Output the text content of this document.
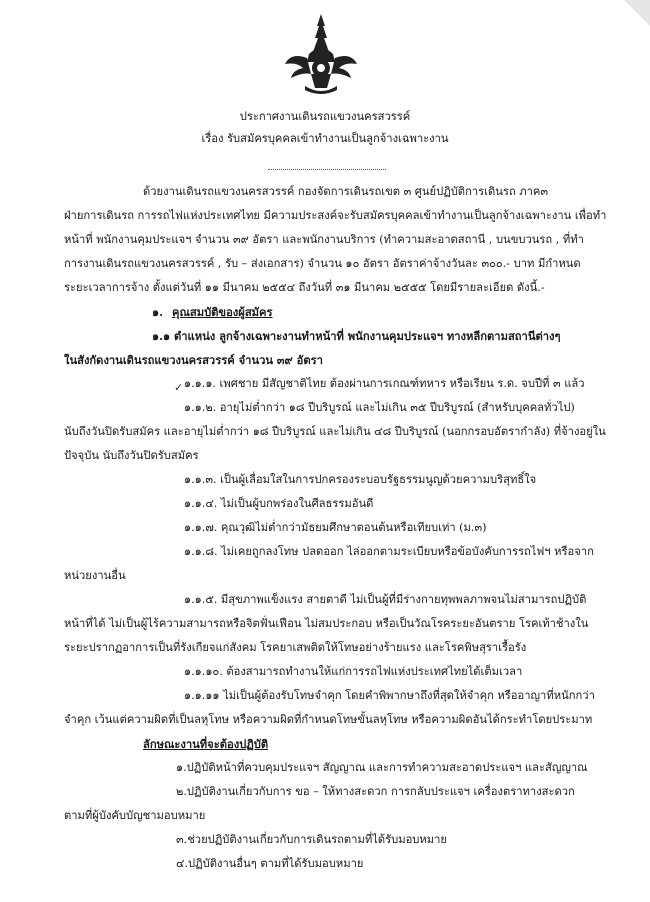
ประกาศงานเดินรถแขวงนครสวรรค์
เรื่อง รับสมัครบุคคลเข้าทำงานเป็นลูกจ้างเฉพาะงาน
ด้วยงานเดินรถแขวงนครสวรรค์ กองจัดการเดินรถเขต ๓ ศูนย์ปฏิบัติการเดินรถ ภาค๓
ฝ่ายการเดินรถ การรถไฟแห่งประเทศไทย มีความประสงค์จะรับสมัครบุคคลเข้าทำงานเป็นลูกจ้างเฉพาะงาน เพื่อทำ
หน้าที่ พนักงานคุมประแจฯ จำนวน ๓๙ อัตรา และพนักงานบริการ (ทำความสะอาดสถานี , บนขบวนรถ , ที่ทำ
การงานเดินรถแขวงนครสวรรค์ , รับ – ส่งเอกสาร) จำนวน ๑๐ อัตรา อัตราค่าจ้างวันละ ๓๐๐.- บาท มีกำหนด
ระยะเวลาการจ้าง ตั้งแต่วันที่ ๑๑ มีนาคม ๒๕๕๔ ถึงวันที่ ๓๑ มีนาคม ๒๕๕๕ โดยมีรายละเอียด ดังนี้.-
๑. คุณสมบัติของผู้สมัคร
๑.๑ ตำแหน่ง ลูกจ้างเฉพาะงานทำหน้าที่ พนักงานคุมประแจฯ ทางหลีกตามสถานีต่างๆ
ในสังกัดงานเดินรถแขวงนครสวรรค์ จำนวน ๓๙ อัตรา
๑.๑.๑. เพศชาย มีสัญชาติไทย ต้องผ่านการเกณฑ์ทหาร หรือเรียน ร.ด. จบปีที่ ๓ แล้ว
✓
๑.๑.๒. อายุไม่ต่ำกว่า ๑๘ ปีบริบูรณ์ และไม่เกิน ๓๕ ปีบริบูรณ์ (สำหรับบุคคลทั่วไป)
นับถึงวันปิดรับสมัคร และอายุไม่ต่ำกว่า ๑๘ ปีบริบูรณ์ และไม่เกิน ๔๘ ปีบริบูรณ์ (นอกกรอบอัตรากำลัง) ที่จ้างอยู่ใน
ปัจจุบัน นับถึงวันปิดรับสมัคร
๑.๑.๓. เป็นผู้เลื่อมใสในการปกครองระบอบรัฐธรรมนูญด้วยความบริสุทธิ์ใจ
๑.๑.๔. ไม่เป็นผู้บกพร่องในศีลธรรมอันดี
๑.๑.๗. คุณวุฒิไม่ต่ำกว่ามัธยมศึกษาตอนต้นหรือเทียบเท่า (ม.๓)
๑.๑.๘. ไม่เคยถูกลงโทษ ปลดออก ไล่ออกตามระเบียบหรือข้อบังคับการรถไฟฯ หรือจาก
หน่วยงานอื่น
๑.๑.๕. มีสุขภาพแข็งแรง สายตาดี ไม่เป็นผู้ที่มีร่างกายทุพพลภาพจนไม่สามารถปฏิบัติ
หน้าที่ได้ ไม่เป็นผู้ไร้ความสามารถหรือจิตฟั่นเฟือน ไม่สมประกอบ หรือเป็นวัณโรคระยะอันตราย โรคเท้าช้างใน
ระยะปรากฏอาการเป็นที่รังเกียจแก่สังคม โรคยาเสพติดให้โทษอย่างร้ายแรง และโรคพิษสุราเรื้อรัง
๑.๑.๑๐. ต้องสามารถทำงานให้แก่การรถไฟแห่งประเทศไทยได้เต็มเวลา
๑.๑.๑๑ ไม่เป็นผู้ต้องรับโทษจำคุก โดยคำพิพากษาถึงที่สุดให้จำคุก หรืออาญาที่หนักกว่า
จำคุก เว้นแต่ความผิดที่เป็นลหุโทษ หรือความผิดที่กำหนดโทษขั้นลหุโทษ หรือความผิดอันได้กระทำโดยประมาท
ลักษณะงานที่จะต้องปฏิบัติ
๑.ปฏิบัติหน้าที่ควบคุมประแจฯ สัญญาณ และการทำความสะอาดประแจฯ และสัญญาณ
๒.ปฏิบัติงานเกี่ยวกับการ ขอ – ให้ทางสะดวก การกลับประแจฯ เครื่องตราทางสะดวก
ตามที่ผู้บังคับบัญชามอบหมาย
๓.ช่วยปฏิบัติงานเกี่ยวกับการเดินรถตามที่ได้รับมอบหมาย
๔.ปฏิบัติงานอื่นๆ ตามที่ได้รับมอบหมาย
